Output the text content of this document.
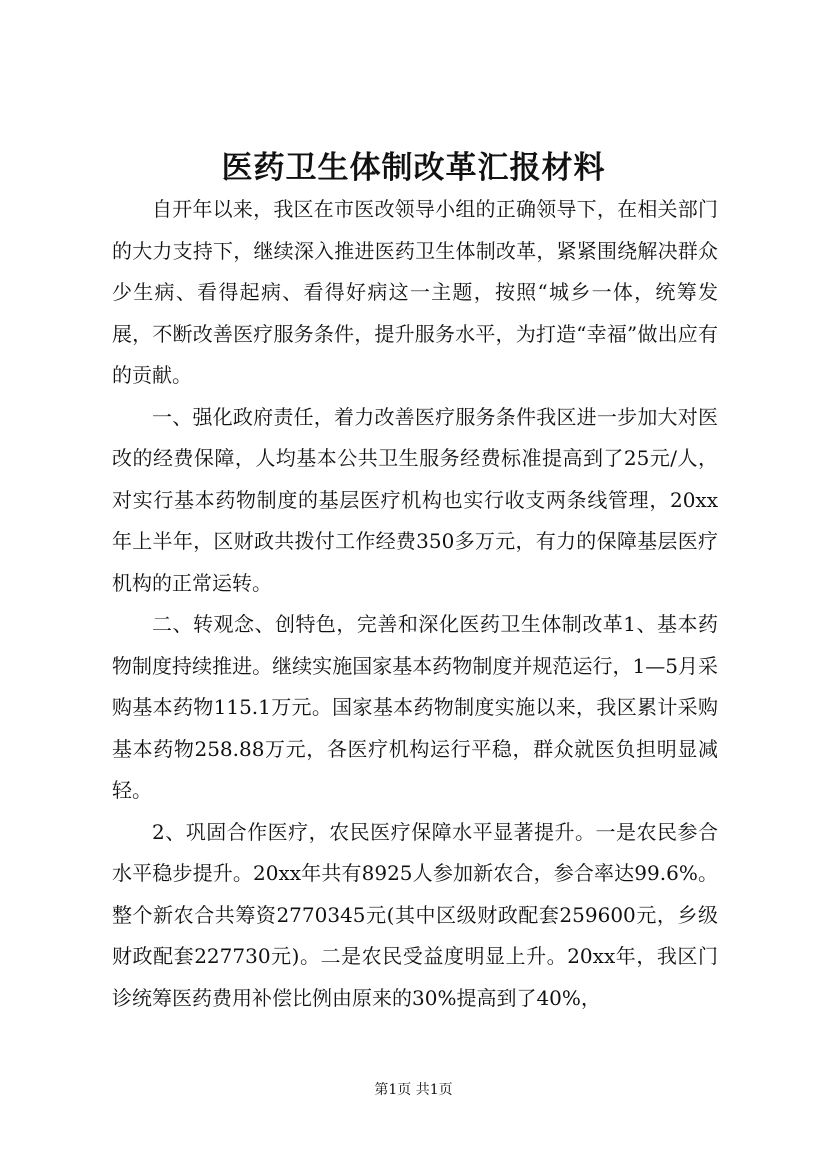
医药卫生体制改革汇报材料

自开年以来，我区在市医改领导小组的正确领导下，在相关部门的大力支持下，继续深入推进医药卫生体制改革，紧紧围绕解决群众少生病、看得起病、看得好病这一主题，按照“城乡一体，统筹发展，不断改善医疗服务条件，提升服务水平，为打造“幸福”做出应有的贡献。

一、强化政府责任，着力改善医疗服务条件我区进一步加大对医改的经费保障，人均基本公共卫生服务经费标准提高到了25元/人，对实行基本药物制度的基层医疗机构也实行收支两条线管理，20xx年上半年，区财政共拨付工作经费350多万元，有力的保障基层医疗机构的正常运转。

二、转观念、创特色，完善和深化医药卫生体制改革1、基本药物制度持续推进。继续实施国家基本药物制度并规范运行，1—5月采购基本药物115.1万元。国家基本药物制度实施以来，我区累计采购基本药物258.88万元，各医疗机构运行平稳，群众就医负担明显减轻。

2、巩固合作医疗，农民医疗保障水平显著提升。一是农民参合水平稳步提升。20xx年共有8925人参加新农合，参合率达99.6%。整个新农合共筹资2770345元(其中区级财政配套259600元，乡级财政配套227730元)。二是农民受益度明显上升。20xx年，我区门诊统筹医药费用补偿比例由原来的30%提高到了40%，

第1页 共1页
